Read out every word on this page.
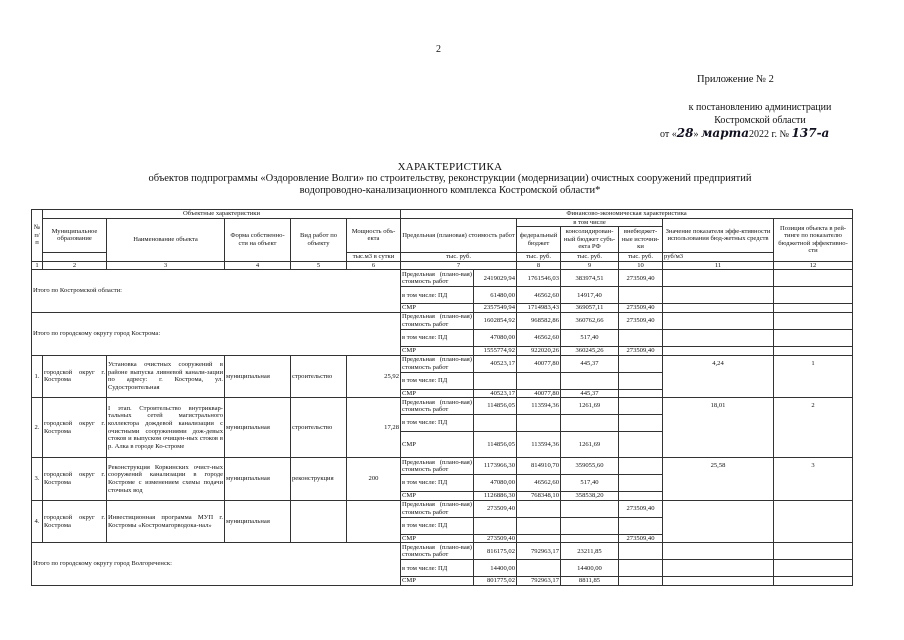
2
Приложение № 2
к постановлению администрации
Костромской области
от «28» марта2022 г. № 137-а
ХАРАКТЕРИСТИКА
объектов подпрограммы «Оздоровление Волги» по строительству, реконструкции (модернизации) очистных сооружений предприятий
водопроводно-канализационного комплекса Костромской области*
№ п/п	Объектные характеристики					Финансово-экономическая характеристика						
	Муниципальное образование	Наименование объекта	Форма собственно-сти на объект	Вид работ по объекту	Мощность объ-екта	Предельная (плановая) стоимость работ		в том числе			Значение показателя эффе-ктивности использования бюд-жетных средств	Позиция объекта в рей-тинге по показателю бюджетной эффективно-сти
								федеральный бюджет	консолидирован-ный бюджет субъ-екта РФ	внебюджет-ные источни-ки		
					тыс.м3 в сутки	тыс. руб.		тыс. руб.	тыс. руб.	тыс. руб.	руб/м3	
1	2	3	4	5	6	7		8	9	10	11	12
Итого по Костромской области:						Предельная (плано-вая) стоимость работ	2419029,94	1761546,03	383974,51	273509,40		
						в том числе: ПД	61480,00	46562,60	14917,40			
						СМР	2357549,94	1714983,43	369057,11	273509,40		
Итого по городскому округу город Кострома:						Предельная (плано-вая) стоимость работ	1602854,92	968582,86	360762,66	273509,40		
						в том числе: ПД	47080,00	46562,60	517,40			
						СМР	1555774,92	922020,26	360245,26	273509,40		
1.	городской округ г. Кострома	Установка очистных сооружений в районе выпуска ливневой канали-зации по адресу: г. Кострома, ул. Судостроительная	муниципальная	строительство	25,92	Предельная (плано-вая) стоимость работ	40523,17	40077,80	445,37		4,24	1
						в том числе: ПД						
						СМР	40523,17	40077,80	445,37			
2.	городской округ г. Кострома	I этап. Строительство внутриквар-тальных сетей магистрального коллектора дождевой канализации с очистными сооружениями дож-девых стоков и выпуском очищен-ных стоков в р. Алка в городе Ко-строме	муниципальная	строительство	17,28	Предельная (плано-вая) стоимость работ	114856,05	113594,36	1261,69		18,01	2
						в том числе: ПД						
						СМР	114856,05	113594,36	1261,69			
3.	городской округ г. Кострома	Реконструкция Коркинских очист-ных сооружений канализации в городе Костроме с изменением схемы подачи сточных вод	муниципальная	реконструкция	200	Предельная (плано-вая) стоимость работ	1173966,30	814910,70	359055,60		25,58	3
						в том числе: ПД	47080,00	46562,60	517,40			
						СМР	1126886,30	768348,10	358538,20			
4.	городской округ г. Кострома	Инвестиционная программа МУП г. Костромы «Костромагорводока-нал»	муниципальная			Предельная (плано-вая) стоимость работ	273509,40			273509,40		
						в том числе: ПД						
						СМР	273509,40			273509,40		
Итого по городскому округу город Волгореченск:						Предельная (плано-вая) стоимость работ	816175,02	792963,17	23211,85			
						в том числе: ПД	14400,00		14400,00			
						СМР	801775,02	792963,17	8811,85			
